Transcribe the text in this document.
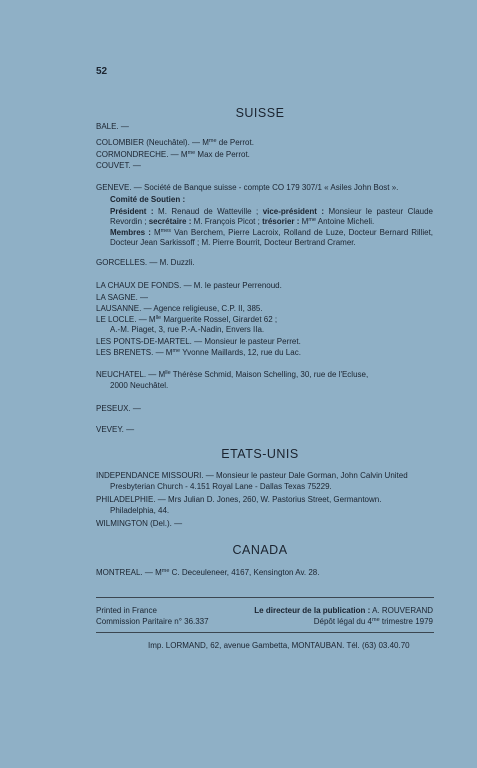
52
SUISSE
BALE. —
COLOMBIER (Neuchâtel). — $M^{me}$ de Perrot.
CORMONDRECHE. — $M^{me}$ Max de Perrot.
COUVET. —
GENEVE. — Société de Banque suisse - compte CO 179 307/1 « Asiles John Bost ».
Comité de Soutien :
Président : M. Renaud de Watteville ; vice-président : Monsieur le pasteur Claude Revordin ; secrétaire : M. François Picot ; trésorier : $M^{me}$ Antoine Micheli.
Membres : $M^{mes}$ Van Berchem, Pierre Lacroix, Rolland de Luze, Docteur Bernard Rilliet, Docteur Jean Sarkissoff ; M. Pierre Bourrit, Docteur Bertrand Cramer.
GORCELLES. — M. Duzzli.
LA CHAUX DE FONDS. — M. le pasteur Perrenoud.
LA SAGNE. —
LAUSANNE. — Agence religieuse, C.P. II, 385.
LE LOCLE. — $M^{lle}$ Marguerite Rossel, Girardet 62 ;
A.-M. Piaget, 3, rue P.-A.-Nadin, Envers IIa.
LES PONTS-DE-MARTEL. — Monsieur le pasteur Perret.
LES BRENETS. — $M^{me}$ Yvonne Maillards, 12, rue du Lac.
NEUCHATEL. — $M^{lle}$ Thérèse Schmid, Maison Schelling, 30, rue de l'Ecluse,
2000 Neuchâtel.
PESEUX. —
VEVEY. —
ETATS-UNIS
INDEPENDANCE MISSOURI. — Monsieur le pasteur Dale Gorman, John Calvin United
Presbyterian Church - 4.151 Royal Lane - Dallas Texas 75229.
PHILADELPHIE. — Mrs Julian D. Jones, 260, W. Pastorius Street, Germantown.
Philadelphia, 44.
WILMINGTON (Del.). —
CANADA
MONTREAL. — $M^{me}$ C. Deceuleneer, 4167, Kensington Av. 28.
Printed in France
Commission Paritaire n° 36.337
Le directeur de la publication : A. ROUVERAND
Dépôt légal du $4^{me}$ trimestre 1979
Imp. LORMAND, 62, avenue Gambetta, MONTAUBAN. Tél. (63) 03.40.70
